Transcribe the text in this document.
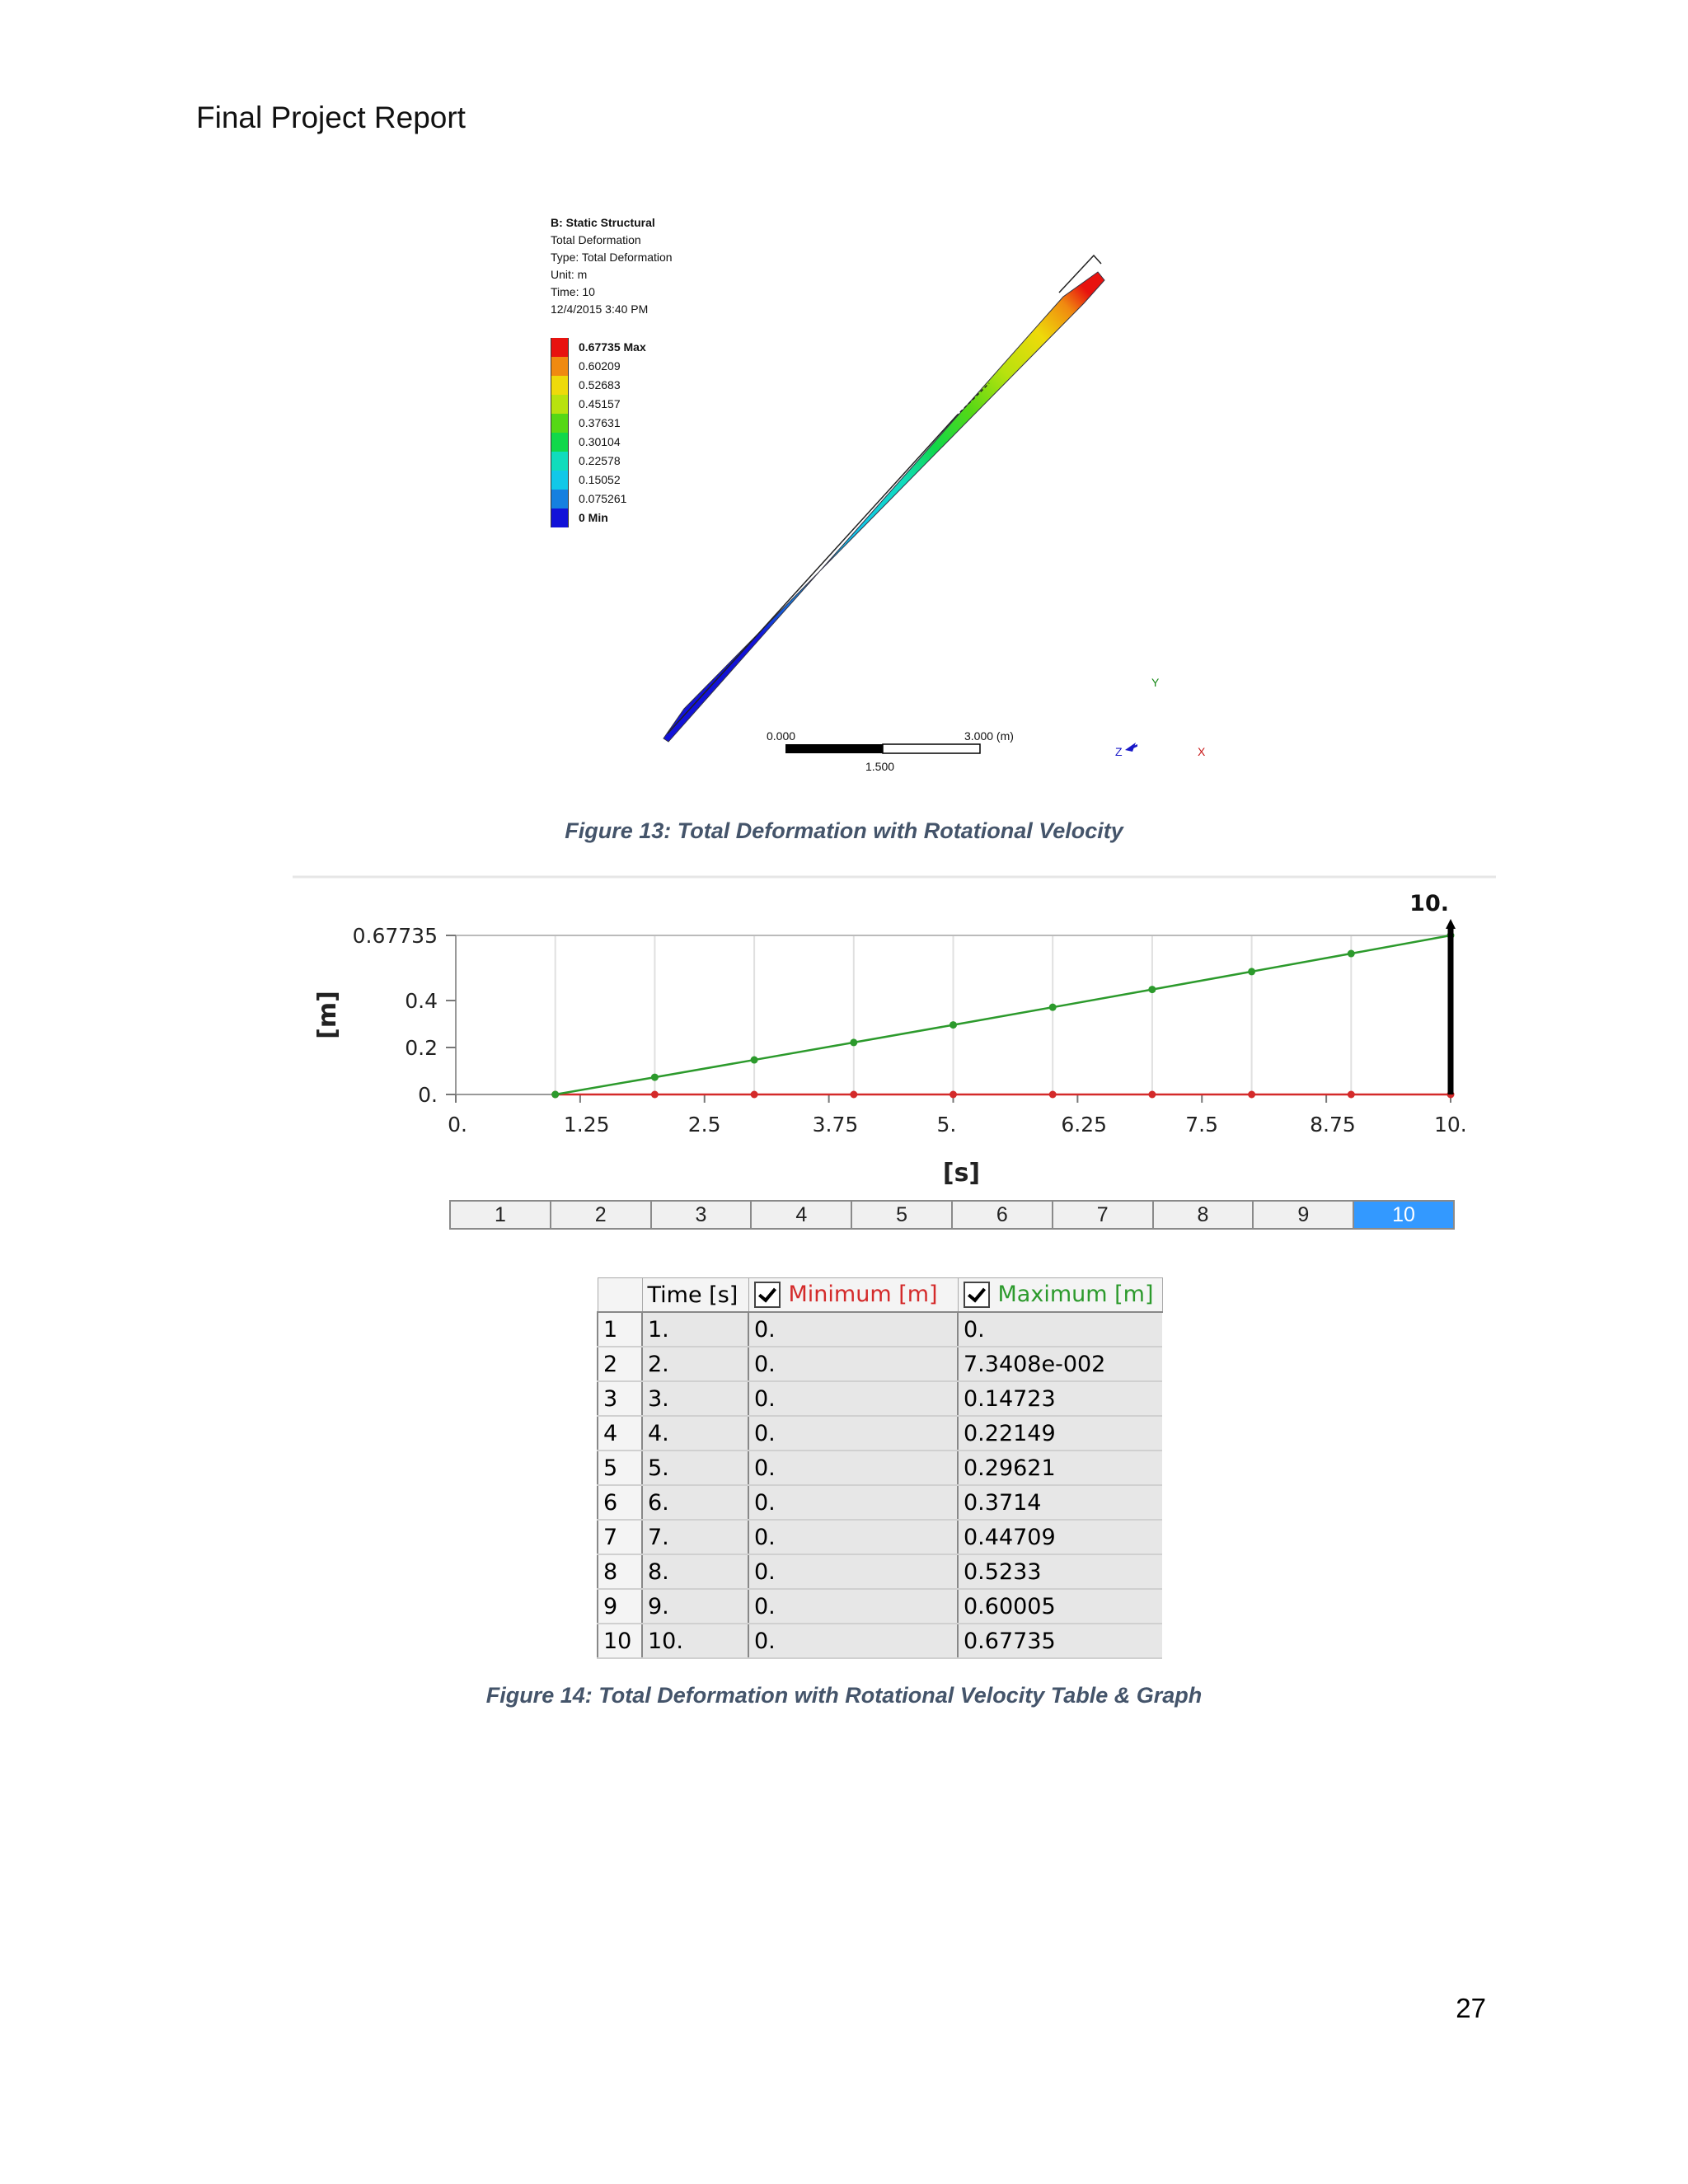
Final Project Report
B: Static Structural
Total Deformation
Type: Total Deformation
Unit: m
Time: 10
12/4/2015 3:40 PM
0.67735 Max
0.60209
0.52683
0.45157
0.37631
0.30104
0.22578
0.15052
0.075261
0 Min
0.000	3.000 (m)
1.500
Y
X
Z
Figure 13: Total Deformation with Rotational Velocity
0.
0.2
0.4
0.67735
0.	1.25	2.5	3.75	5.	6.25	7.5	8.75	10.
[s]
[m]
10.
1	2	3	4	5	6	7	8	9	10
	Time [s]	Minimum [m]	Maximum [m]
1	1.	0.	0.
2	2.	0.	7.3408e-002
3	3.	0.	0.14723
4	4.	0.	0.22149
5	5.	0.	0.29621
6	6.	0.	0.3714
7	7.	0.	0.44709
8	8.	0.	0.5233
9	9.	0.	0.60005
10	10.	0.	0.67735
Figure 14: Total Deformation with Rotational Velocity Table & Graph
27
